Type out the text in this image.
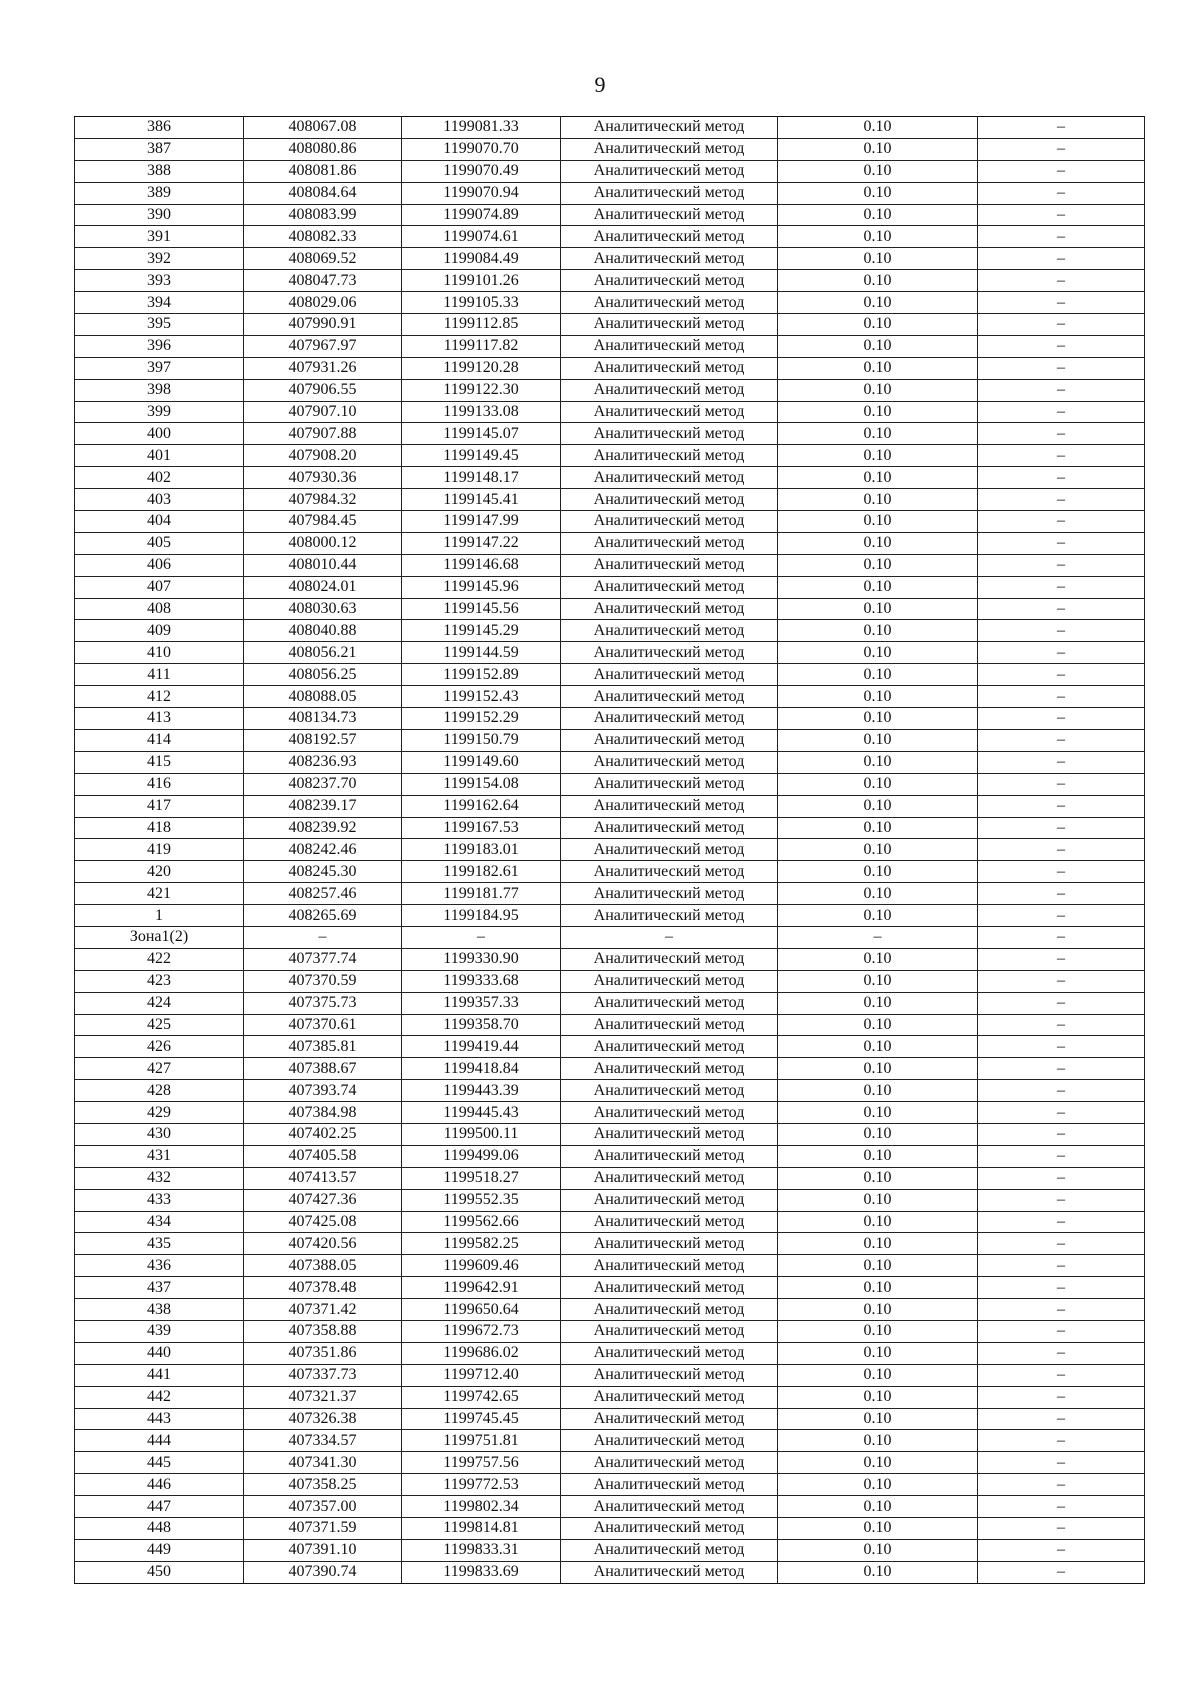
9
386	408067.08	1199081.33	Аналитический метод	0.10	–
387	408080.86	1199070.70	Аналитический метод	0.10	–
388	408081.86	1199070.49	Аналитический метод	0.10	–
389	408084.64	1199070.94	Аналитический метод	0.10	–
390	408083.99	1199074.89	Аналитический метод	0.10	–
391	408082.33	1199074.61	Аналитический метод	0.10	–
392	408069.52	1199084.49	Аналитический метод	0.10	–
393	408047.73	1199101.26	Аналитический метод	0.10	–
394	408029.06	1199105.33	Аналитический метод	0.10	–
395	407990.91	1199112.85	Аналитический метод	0.10	–
396	407967.97	1199117.82	Аналитический метод	0.10	–
397	407931.26	1199120.28	Аналитический метод	0.10	–
398	407906.55	1199122.30	Аналитический метод	0.10	–
399	407907.10	1199133.08	Аналитический метод	0.10	–
400	407907.88	1199145.07	Аналитический метод	0.10	–
401	407908.20	1199149.45	Аналитический метод	0.10	–
402	407930.36	1199148.17	Аналитический метод	0.10	–
403	407984.32	1199145.41	Аналитический метод	0.10	–
404	407984.45	1199147.99	Аналитический метод	0.10	–
405	408000.12	1199147.22	Аналитический метод	0.10	–
406	408010.44	1199146.68	Аналитический метод	0.10	–
407	408024.01	1199145.96	Аналитический метод	0.10	–
408	408030.63	1199145.56	Аналитический метод	0.10	–
409	408040.88	1199145.29	Аналитический метод	0.10	–
410	408056.21	1199144.59	Аналитический метод	0.10	–
411	408056.25	1199152.89	Аналитический метод	0.10	–
412	408088.05	1199152.43	Аналитический метод	0.10	–
413	408134.73	1199152.29	Аналитический метод	0.10	–
414	408192.57	1199150.79	Аналитический метод	0.10	–
415	408236.93	1199149.60	Аналитический метод	0.10	–
416	408237.70	1199154.08	Аналитический метод	0.10	–
417	408239.17	1199162.64	Аналитический метод	0.10	–
418	408239.92	1199167.53	Аналитический метод	0.10	–
419	408242.46	1199183.01	Аналитический метод	0.10	–
420	408245.30	1199182.61	Аналитический метод	0.10	–
421	408257.46	1199181.77	Аналитический метод	0.10	–
1	408265.69	1199184.95	Аналитический метод	0.10	–
Зона1(2)	–	–	–	–	–
422	407377.74	1199330.90	Аналитический метод	0.10	–
423	407370.59	1199333.68	Аналитический метод	0.10	–
424	407375.73	1199357.33	Аналитический метод	0.10	–
425	407370.61	1199358.70	Аналитический метод	0.10	–
426	407385.81	1199419.44	Аналитический метод	0.10	–
427	407388.67	1199418.84	Аналитический метод	0.10	–
428	407393.74	1199443.39	Аналитический метод	0.10	–
429	407384.98	1199445.43	Аналитический метод	0.10	–
430	407402.25	1199500.11	Аналитический метод	0.10	–
431	407405.58	1199499.06	Аналитический метод	0.10	–
432	407413.57	1199518.27	Аналитический метод	0.10	–
433	407427.36	1199552.35	Аналитический метод	0.10	–
434	407425.08	1199562.66	Аналитический метод	0.10	–
435	407420.56	1199582.25	Аналитический метод	0.10	–
436	407388.05	1199609.46	Аналитический метод	0.10	–
437	407378.48	1199642.91	Аналитический метод	0.10	–
438	407371.42	1199650.64	Аналитический метод	0.10	–
439	407358.88	1199672.73	Аналитический метод	0.10	–
440	407351.86	1199686.02	Аналитический метод	0.10	–
441	407337.73	1199712.40	Аналитический метод	0.10	–
442	407321.37	1199742.65	Аналитический метод	0.10	–
443	407326.38	1199745.45	Аналитический метод	0.10	–
444	407334.57	1199751.81	Аналитический метод	0.10	–
445	407341.30	1199757.56	Аналитический метод	0.10	–
446	407358.25	1199772.53	Аналитический метод	0.10	–
447	407357.00	1199802.34	Аналитический метод	0.10	–
448	407371.59	1199814.81	Аналитический метод	0.10	–
449	407391.10	1199833.31	Аналитический метод	0.10	–
450	407390.74	1199833.69	Аналитический метод	0.10	–
